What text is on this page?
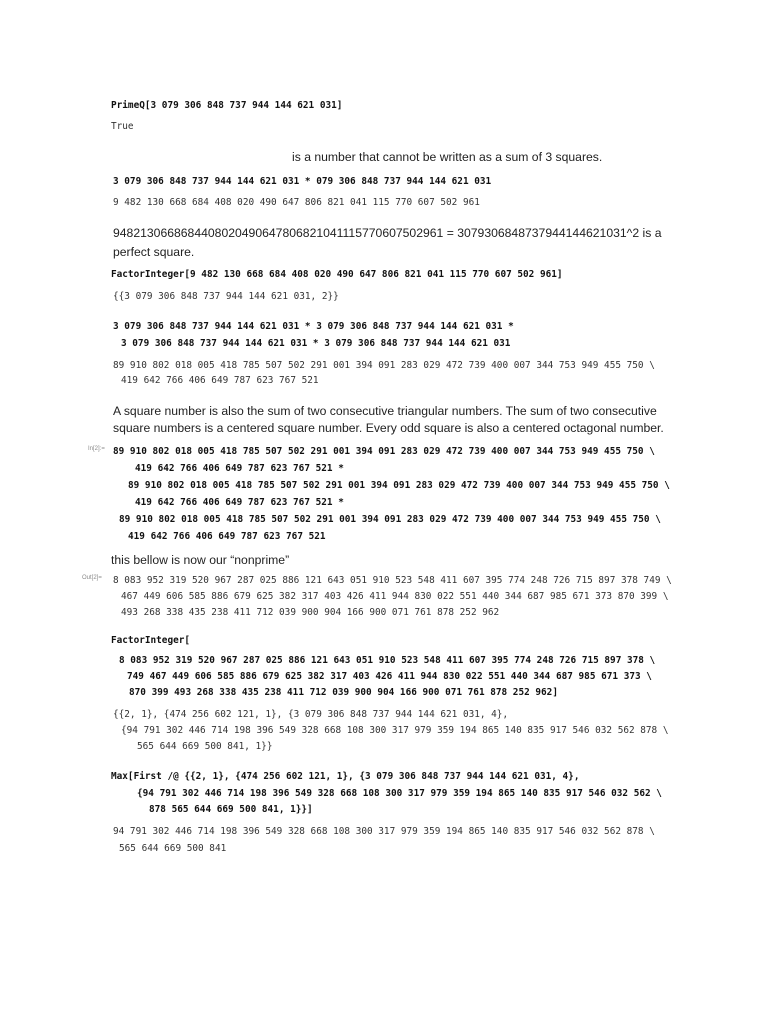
PrimeQ[3 079 306 848 737 944 144 621 031]
True
is a number that cannot be written as a sum of 3 squares.
3 079 306 848 737 944 144 621 031 * 079 306 848 737 944 144 621 031
9 482 130 668 684 408 020 490 647 806 821 041 115 770 607 502 961
9482130668684408020490647806821041115770607502961 = 3079306848737944144621031^2 is a
perfect square.
FactorInteger[9 482 130 668 684 408 020 490 647 806 821 041 115 770 607 502 961]
{{3 079 306 848 737 944 144 621 031, 2}}
3 079 306 848 737 944 144 621 031 * 3 079 306 848 737 944 144 621 031 *
3 079 306 848 737 944 144 621 031 * 3 079 306 848 737 944 144 621 031
89 910 802 018 005 418 785 507 502 291 001 394 091 283 029 472 739 400 007 344 753 949 455 750 \
419 642 766 406 649 787 623 767 521
A square number is also the sum of two consecutive triangular numbers. The sum of two consecutive
square numbers is a centered square number. Every odd square is also a centered octagonal number.
In[2]:= 89 910 802 018 005 418 785 507 502 291 001 394 091 283 029 472 739 400 007 344 753 949 455 750 \
419 642 766 406 649 787 623 767 521 *
89 910 802 018 005 418 785 507 502 291 001 394 091 283 029 472 739 400 007 344 753 949 455 750 \
419 642 766 406 649 787 623 767 521 *
89 910 802 018 005 418 785 507 502 291 001 394 091 283 029 472 739 400 007 344 753 949 455 750 \
419 642 766 406 649 787 623 767 521
this bellow is now our “nonprime”
Out[2]= 8 083 952 319 520 967 287 025 886 121 643 051 910 523 548 411 607 395 774 248 726 715 897 378 749 \
467 449 606 585 886 679 625 382 317 403 426 411 944 830 022 551 440 344 687 985 671 373 870 399 \
493 268 338 435 238 411 712 039 900 904 166 900 071 761 878 252 962
FactorInteger[
8 083 952 319 520 967 287 025 886 121 643 051 910 523 548 411 607 395 774 248 726 715 897 378 \
749 467 449 606 585 886 679 625 382 317 403 426 411 944 830 022 551 440 344 687 985 671 373 \
870 399 493 268 338 435 238 411 712 039 900 904 166 900 071 761 878 252 962]
{{2, 1}, {474 256 602 121, 1}, {3 079 306 848 737 944 144 621 031, 4},
{94 791 302 446 714 198 396 549 328 668 108 300 317 979 359 194 865 140 835 917 546 032 562 878 \
565 644 669 500 841, 1}}
Max[First /@ {{2, 1}, {474 256 602 121, 1}, {3 079 306 848 737 944 144 621 031, 4},
{94 791 302 446 714 198 396 549 328 668 108 300 317 979 359 194 865 140 835 917 546 032 562 \
878 565 644 669 500 841, 1}}]
94 791 302 446 714 198 396 549 328 668 108 300 317 979 359 194 865 140 835 917 546 032 562 878 \
565 644 669 500 841
